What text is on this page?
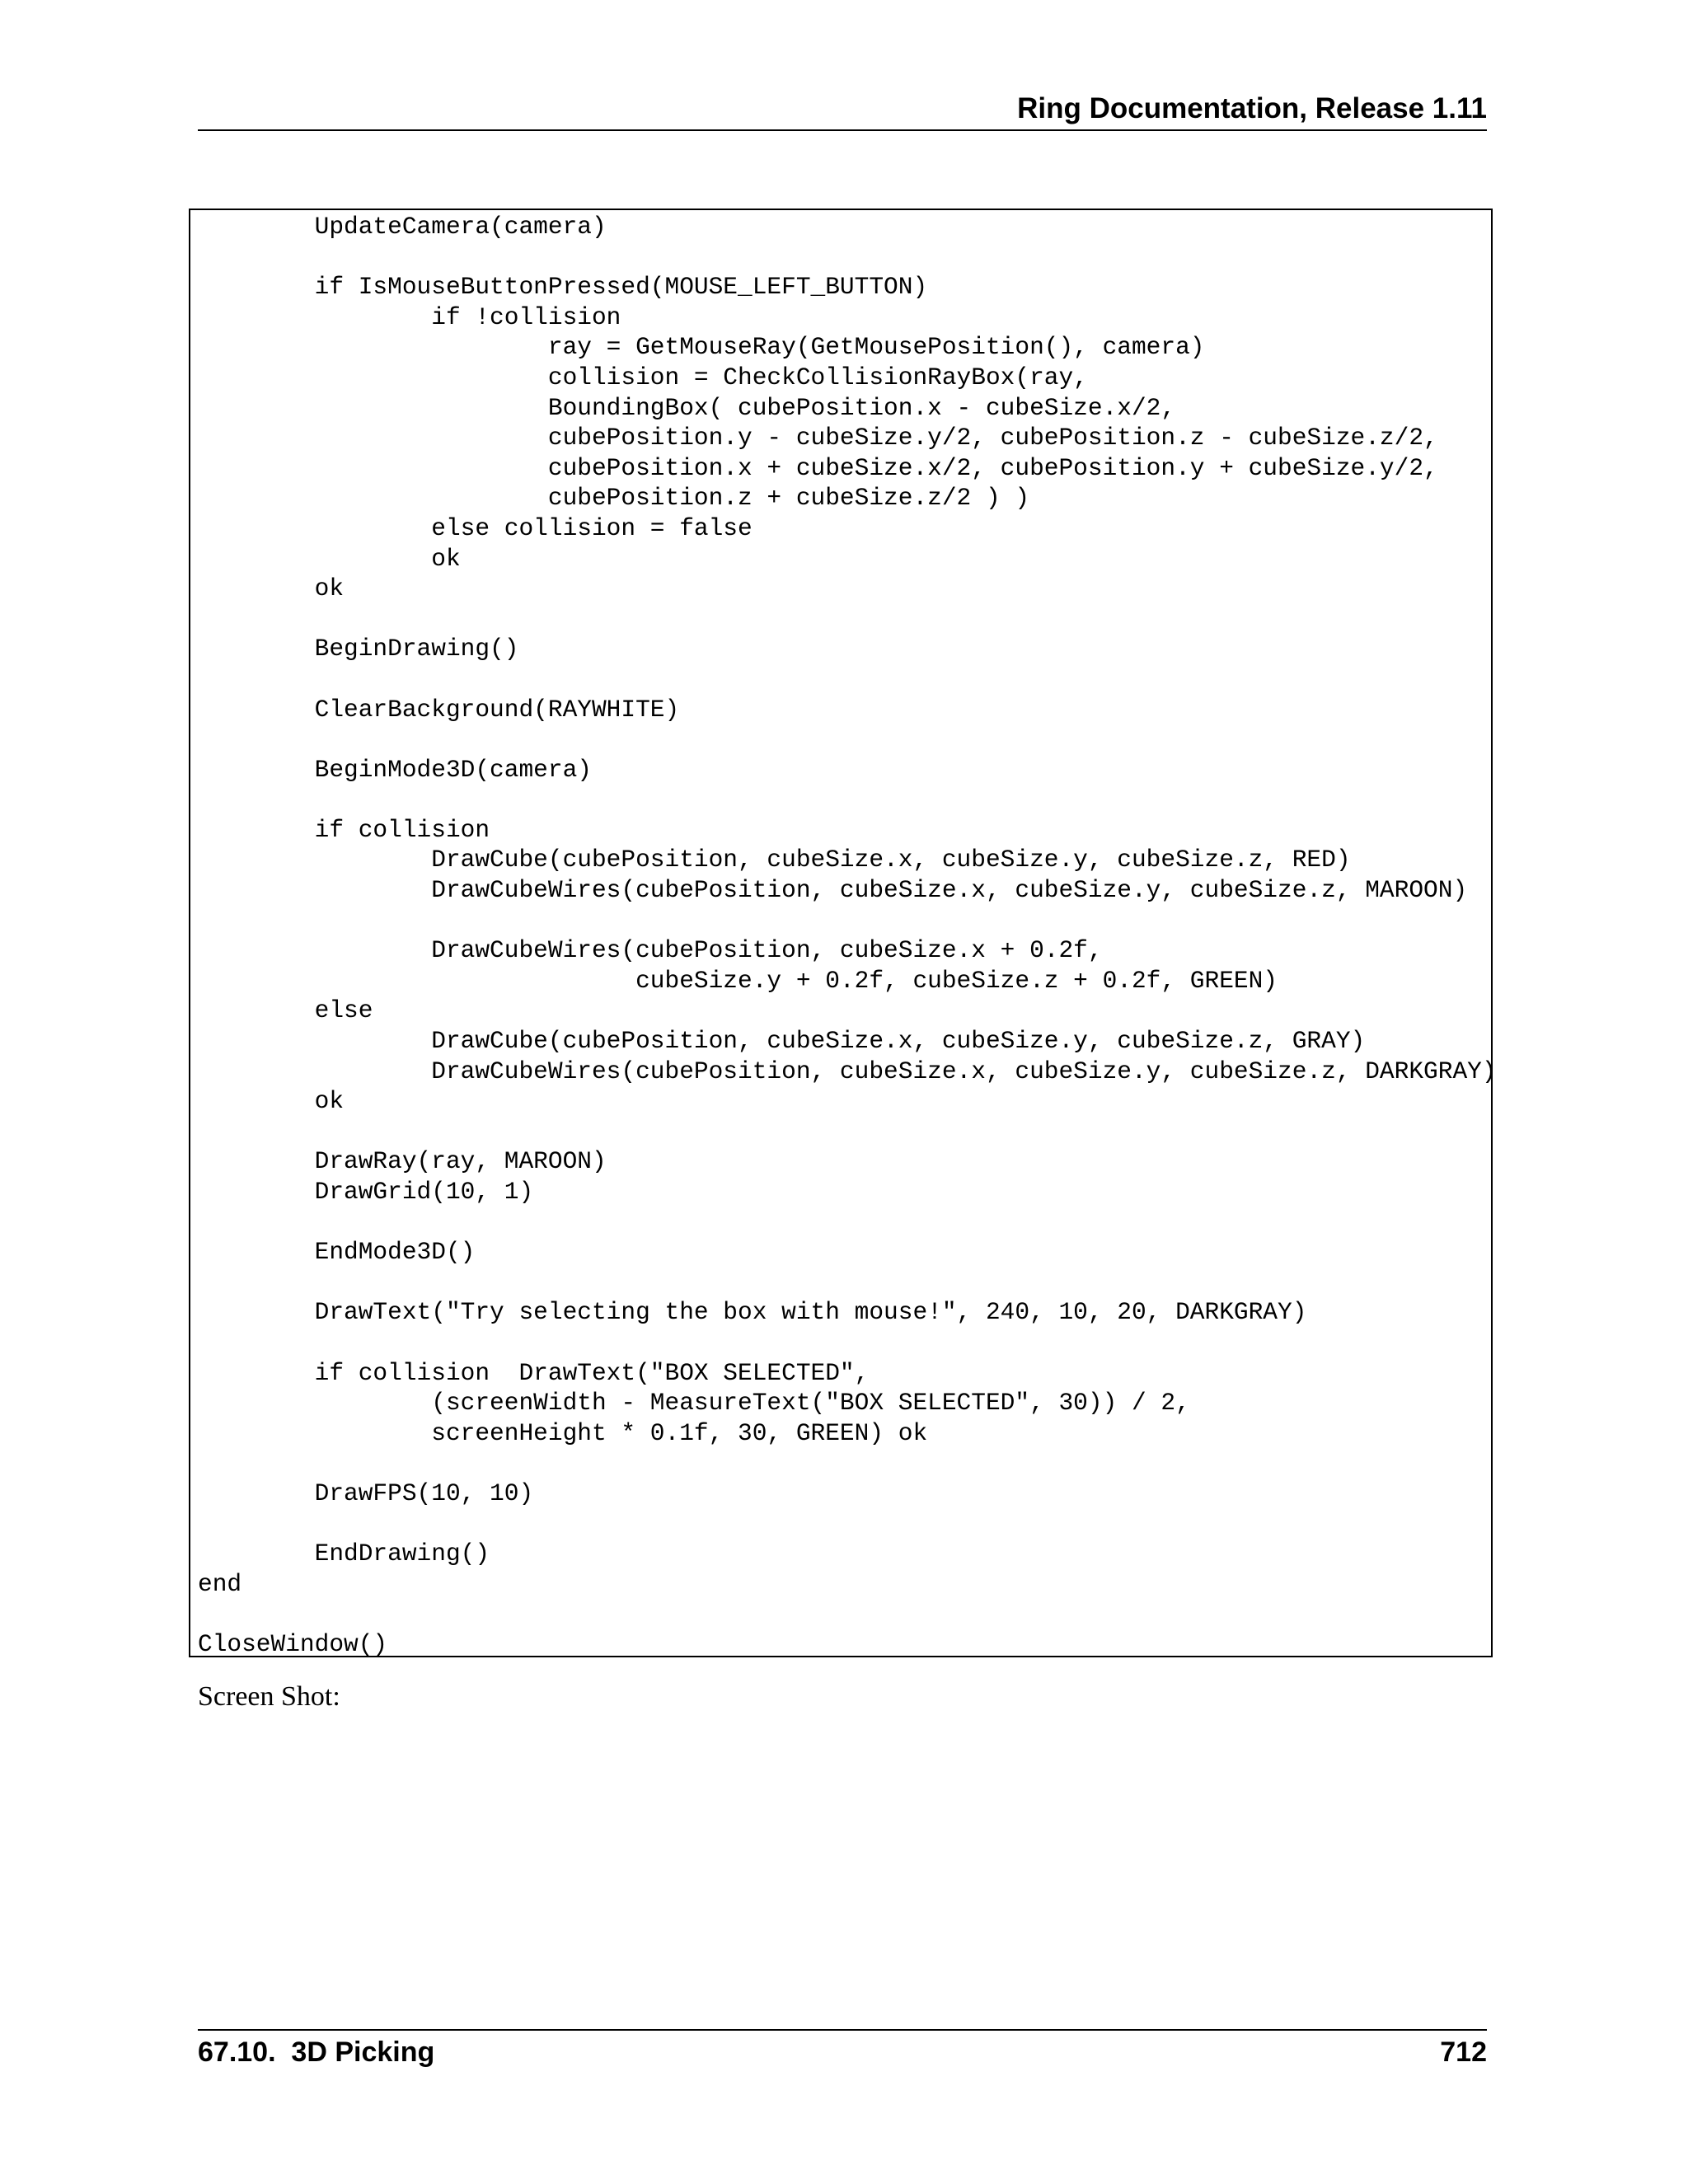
Ring Documentation, Release 1.11
UpdateCamera(camera)
if IsMouseButtonPressed(MOUSE_LEFT_BUTTON)
if !collision
ray = GetMouseRay(GetMousePosition(), camera)
collision = CheckCollisionRayBox(ray,
BoundingBox( cubePosition.x - cubeSize.x/2,
cubePosition.y - cubeSize.y/2, cubePosition.z - cubeSize.z/2,
cubePosition.x + cubeSize.x/2, cubePosition.y + cubeSize.y/2,
cubePosition.z + cubeSize.z/2 ) )
else collision = false
ok
ok
BeginDrawing()
ClearBackground(RAYWHITE)
BeginMode3D(camera)
if collision
DrawCube(cubePosition, cubeSize.x, cubeSize.y, cubeSize.z, RED)
DrawCubeWires(cubePosition, cubeSize.x, cubeSize.y, cubeSize.z, MAROON)
DrawCubeWires(cubePosition, cubeSize.x + 0.2f,
cubeSize.y + 0.2f, cubeSize.z + 0.2f, GREEN)
else
DrawCube(cubePosition, cubeSize.x, cubeSize.y, cubeSize.z, GRAY)
DrawCubeWires(cubePosition, cubeSize.x, cubeSize.y, cubeSize.z, DARKGRAY)
ok
DrawRay(ray, MAROON)
DrawGrid(10, 1)
EndMode3D()
DrawText("Try selecting the box with mouse!", 240, 10, 20, DARKGRAY)
if collision  DrawText("BOX SELECTED",
(screenWidth - MeasureText("BOX SELECTED", 30)) / 2,
screenHeight * 0.1f, 30, GREEN) ok
DrawFPS(10, 10)
EndDrawing()
end
CloseWindow()
Screen Shot:
67.10.  3D Picking	712
